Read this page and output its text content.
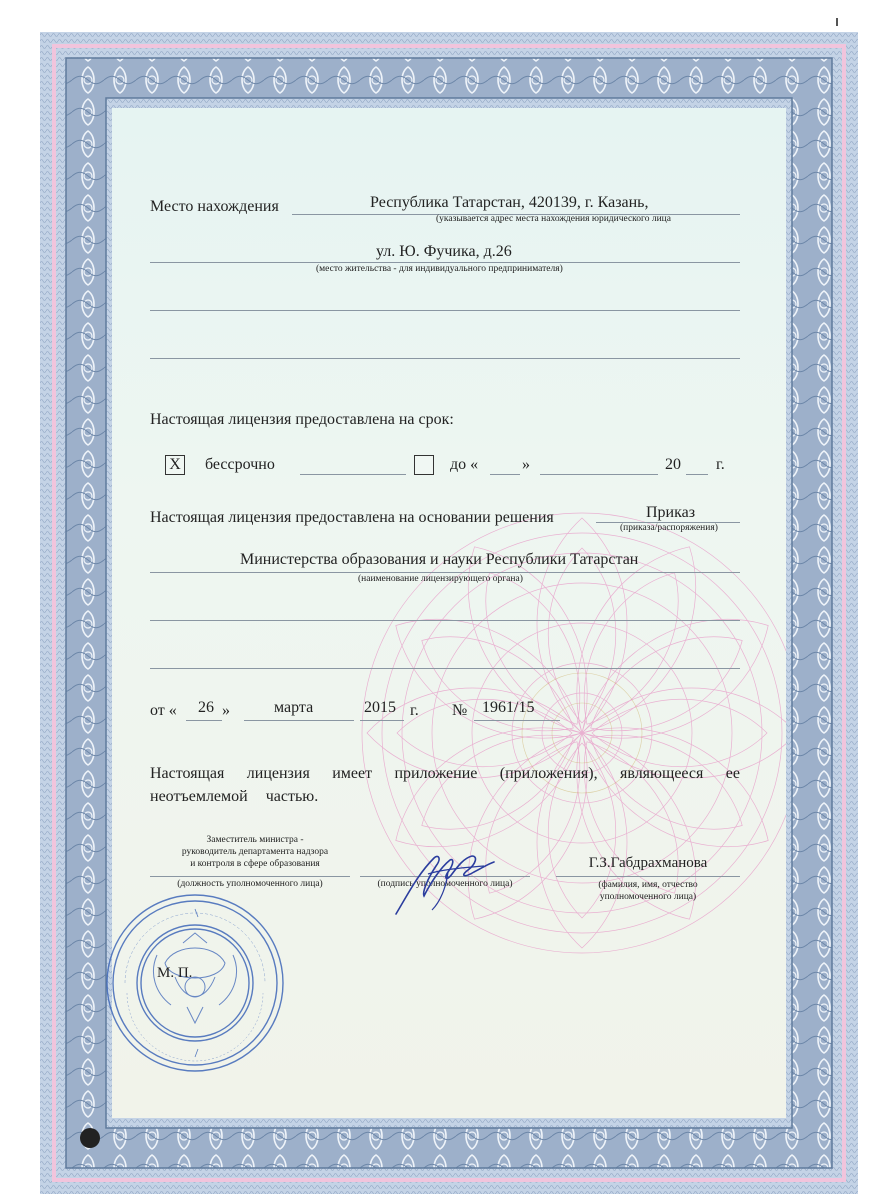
Место нахождения	Республика Татарстан, 420139, г. Казань,
(указывается адрес места нахождения юридического лица
ул. Ю. Фучика, д.26
(место жительства - для индивидуального предпринимателя)
Настоящая лицензия предоставлена на срок:
Х бессрочно	до «	»	20 г.
Настоящая лицензия предоставлена на основании решения	Приказ
(приказа/распоряжения)
Министерства образования и науки Республики Татарстан
(наименование лицензирующего органа)
от « 26 »	марта	2015 г. № 1961/15
Настоящая лицензия имеет приложение (приложения), являющееся ее
неотъемлемой частью.
Заместитель министра -
руководитель департамента надзора
и контроля в сфере образования
(должность уполномоченного лица)	(подпись уполномоченного лица)
Г.З.Габдрахманова
(фамилия, имя, отчество
уполномоченного лица)
М. П.
